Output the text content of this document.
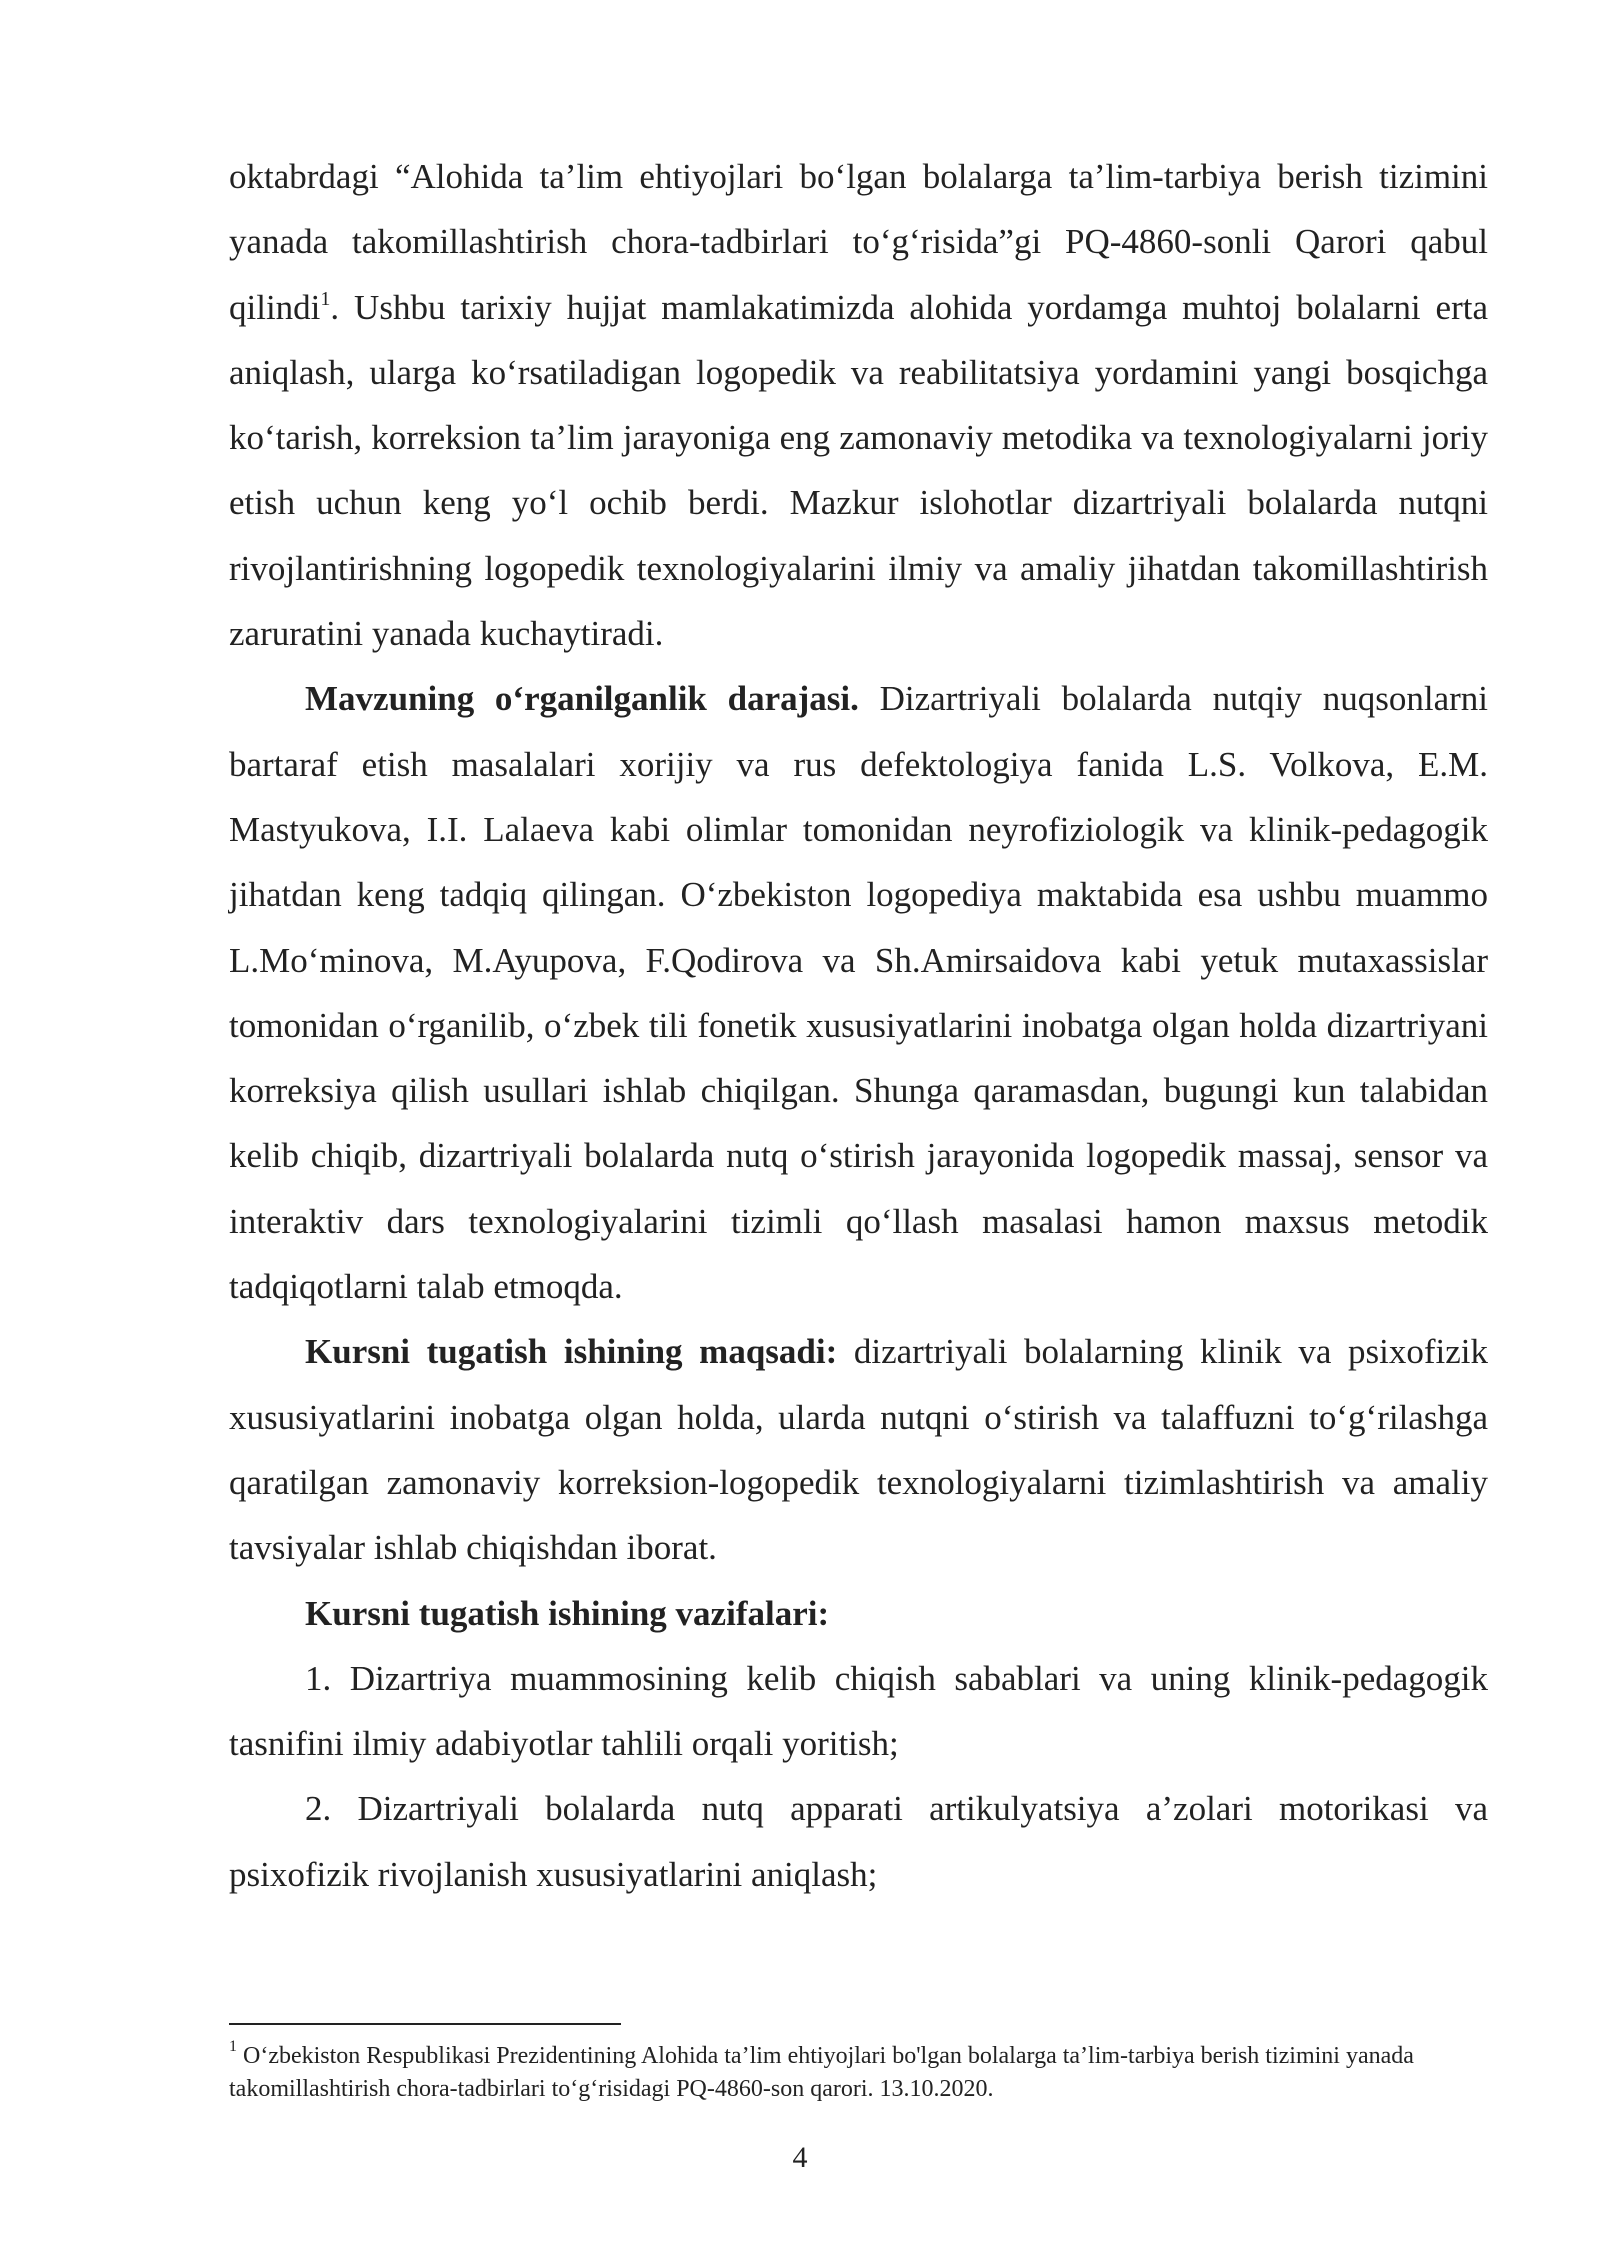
oktabrdagi “Alohida ta’lim ehtiyojlari bo‘lgan bolalarga ta’lim-tarbiya berish tizimini yanada takomillashtirish chora-tadbirlari to‘g‘risida”gi PQ-4860-sonli Qarori qabul qilindi$^1$. Ushbu tarixiy hujjat mamlakatimizda alohida yordamga muhtoj bolalarni erta aniqlash, ularga ko‘rsatiladigan logopedik va reabilitatsiya yordamini yangi bosqichga ko‘tarish, korreksion ta’lim jarayoniga eng zamonaviy metodika va texnologiyalarni joriy etish uchun keng yo‘l ochib berdi. Mazkur islohotlar dizartriyali bolalarda nutqni rivojlantirishning logopedik texnologiyalarini ilmiy va amaliy jihatdan takomillashtirish zaruratini yanada kuchaytiradi.

Mavzuning o‘rganilganlik darajasi. Dizartriyali bolalarda nutqiy nuqsonlarni bartaraf etish masalalari xorijiy va rus defektologiya fanida L.S. Volkova, E.M. Mastyukova, I.I. Lalaeva kabi olimlar tomonidan neyrofiziologik va klinik-pedagogik jihatdan keng tadqiq qilingan. O‘zbekiston logopediya maktabida esa ushbu muammo L.Mo‘minova, M.Ayupova, F.Qodirova va Sh.Amirsaidova kabi yetuk mutaxassislar tomonidan o‘rganilib, o‘zbek tili fonetik xususiyatlarini inobatga olgan holda dizartriyani korreksiya qilish usullari ishlab chiqilgan. Shunga qaramasdan, bugungi kun talabidan kelib chiqib, dizartriyali bolalarda nutq o‘stirish jarayonida logopedik massaj, sensor va interaktiv dars texnologiyalarini tizimli qo‘llash masalasi hamon maxsus metodik tadqiqotlarni talab etmoqda.

Kursni tugatish ishining maqsadi: dizartriyali bolalarning klinik va psixofizik xususiyatlarini inobatga olgan holda, ularda nutqni o‘stirish va talaffuzni to‘g‘rilashga qaratilgan zamonaviy korreksion-logopedik texnologiyalarni tizimlashtirish va amaliy tavsiyalar ishlab chiqishdan iborat.

Kursni tugatish ishining vazifalari:

1. Dizartriya muammosining kelib chiqish sabablari va uning klinik-pedagogik tasnifini ilmiy adabiyotlar tahlili orqali yoritish;

2. Dizartriyali bolalarda nutq apparati artikulyatsiya a’zolari motorikasi va psixofizik rivojlanish xususiyatlarini aniqlash;

$^1$ O‘zbekiston Respublikasi Prezidentining Alohida ta’lim ehtiyojlari bo'lgan bolalarga ta’lim-tarbiya berish tizimini yanada takomillashtirish chora-tadbirlari to‘g‘risidagi PQ-4860-son qarori. 13.10.2020.
4
